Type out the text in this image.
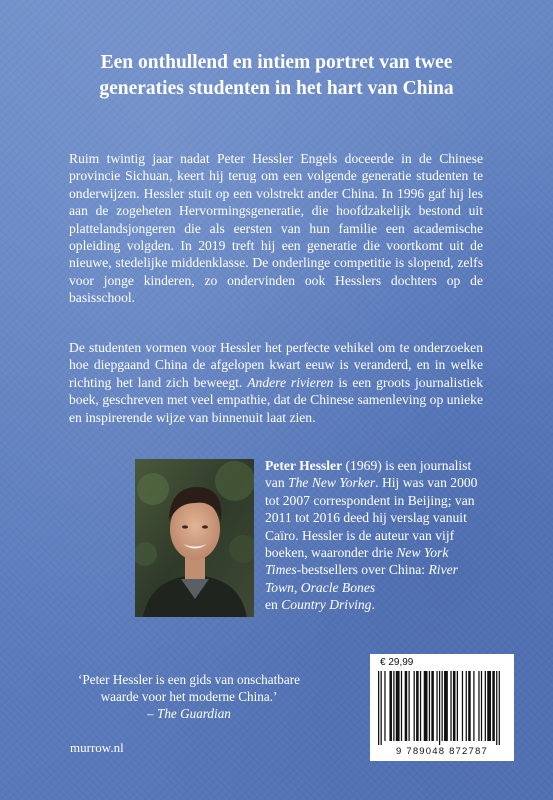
Een onthullend en intiem portret van twee
generaties studenten in het hart van China

Ruim twintig jaar nadat Peter Hessler Engels doceerde in de Chinese provincie Sichuan, keert hij terug om een volgende generatie studenten te onderwijzen. Hessler stuit op een volstrekt ander China. In 1996 gaf hij les aan de zogeheten Hervormingsgeneratie, die hoofdzakelijk bestond uit plattelandsjongeren die als eersten van hun familie een academische opleiding volgden. In 2019 treft hij een generatie die voortkomt uit de nieuwe, stedelijke middenklasse. De onderlinge competitie is slopend, zelfs voor jonge kinderen, zo ondervinden ook Hesslers dochters op de basisschool.

De studenten vormen voor Hessler het perfecte vehikel om te onderzoeken hoe diepgaand China de afgelopen kwart eeuw is veranderd, en in welke richting het land zich beweegt. Andere rivieren is een groots journalistiek boek, geschreven met veel empathie, dat de Chinese samenleving op unieke en inspirerende wijze van binnenuit laat zien.

Peter Hessler (1969) is een journalist van The New Yorker. Hij was van 2000 tot 2007 correspondent in Beijing; van 2011 tot 2016 deed hij verslag vanuit Caïro. Hessler is de auteur van vijf boeken, waaronder drie New York Times-bestsellers over China: River Town, Oracle Bones
en Country Driving.

‘Peter Hessler is een gids van onschatbare
waarde voor het moderne China.’
– The Guardian
murrow.nl
€ 29,99
9 789048 872787
